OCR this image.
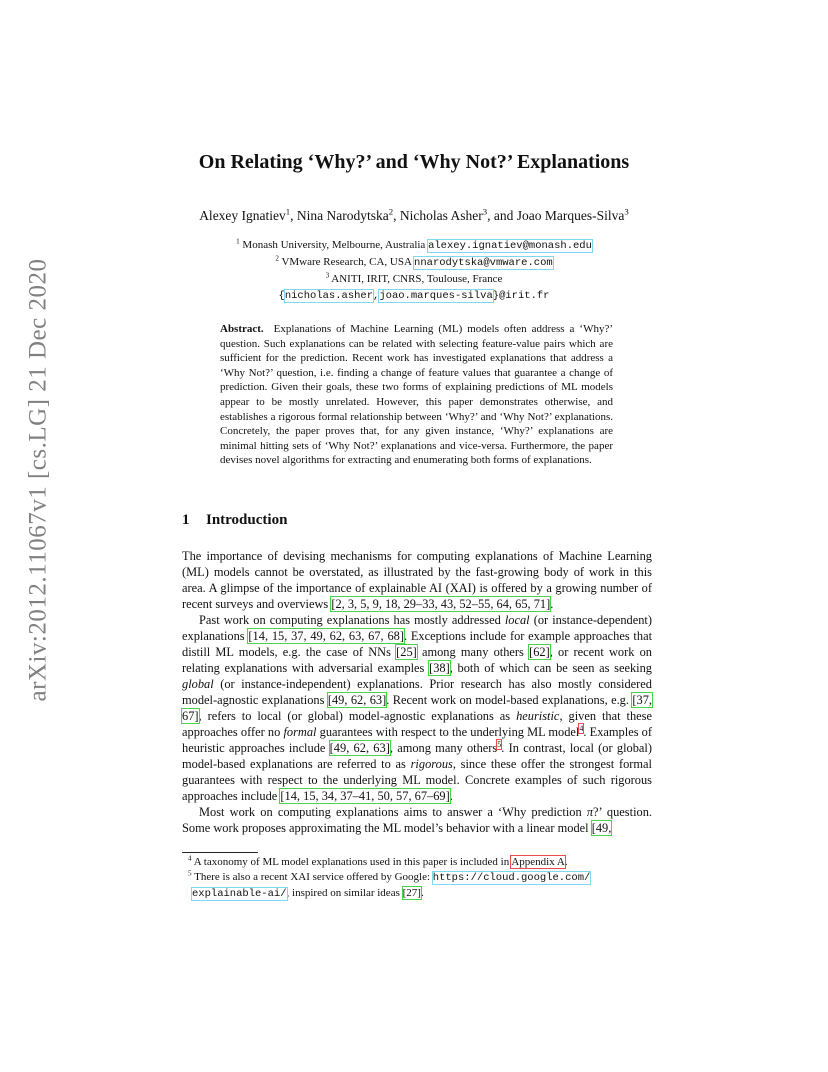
arXiv:2012.11067v1 [cs.LG] 21 Dec 2020
On Relating ‘Why?’ and ‘Why Not?’ Explanations
Alexey Ignatiev$^1$, Nina Narodytska$^2$, Nicholas Asher$^3$, and Joao Marques-Silva$^3$
$^1$ Monash University, Melbourne, Australia alexey.ignatiev@monash.edu
$^2$ VMware Research, CA, USA nnarodytska@vmware.com
$^3$ ANITI, IRIT, CNRS, Toulouse, France
{nicholas.asher,joao.marques-silva}@irit.fr
Abstract. Explanations of Machine Learning (ML) models often address a ‘Why?’ question. Such explanations can be related with selecting feature-value pairs which are sufficient for the prediction. Recent work has investigated explanations that address a ‘Why Not?’ question, i.e. finding a change of feature values that guarantee a change of prediction. Given their goals, these two forms of explaining predictions of ML models appear to be mostly unrelated. However, this paper demonstrates otherwise, and establishes a rigorous formal relationship between ‘Why?’ and ‘Why Not?’ explanations. Concretely, the paper proves that, for any given instance, ‘Why?’ explanations are minimal hitting sets of ‘Why Not?’ explanations and vice-versa. Furthermore, the paper devises novel algorithms for extracting and enumerating both forms of explanations.
1 Introduction

The importance of devising mechanisms for computing explanations of Machine Learning (ML) models cannot be overstated, as illustrated by the fast-growing body of work in this area. A glimpse of the importance of explainable AI (XAI) is offered by a growing number of recent surveys and overviews [2, 3, 5, 9, 18, 29–33, 43, 52–55, 64, 65, 71].

Past work on computing explanations has mostly addressed local (or instance-dependent) explanations [14, 15, 37, 49, 62, 63, 67, 68]. Exceptions include for example approaches that distill ML models, e.g. the case of NNs [25] among many others [62], or recent work on relating explanations with adversarial examples [38], both of which can be seen as seeking global (or instance-independent) explanations. Prior research has also mostly considered model-agnostic explanations [49, 62, 63]. Recent work on model-based explanations, e.g. [37, 67], refers to local (or global) model-agnostic explanations as heuristic, given that these approaches offer no formal guarantees with respect to the underlying ML model$^4$. Examples of heuristic approaches include [49, 62, 63], among many others$^5$. In contrast, local (or global) model-based explanations are referred to as rigorous, since these offer the strongest formal guarantees with respect to the underlying ML model. Concrete examples of such rigorous approaches include [14, 15, 34, 37–41, 50, 57, 67–69].

Most work on computing explanations aims to answer a ‘Why prediction π?’ question. Some work proposes approximating the ML model’s behavior with a linear model [49,

$^4$ A taxonomy of ML model explanations used in this paper is included in Appendix A.
$^5$ There is also a recent XAI service offered by Google: https://cloud.google.com/
explainable-ai/, inspired on similar ideas [27].
